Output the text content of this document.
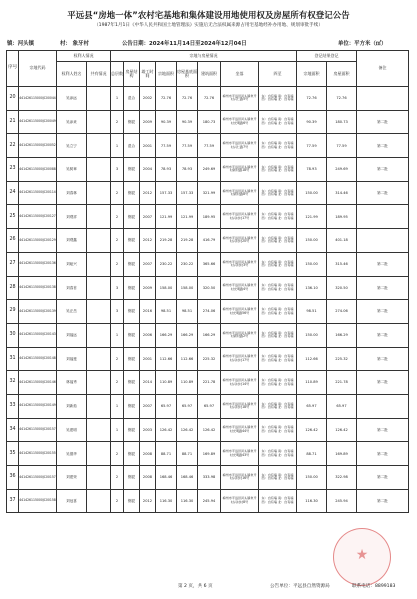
平远县“房地一体”农村宅基地和集体建设用地使用权及房屋所有权登记公告
（1987年1月1日《中华人民共和国土地管理法》实施后无合法权属来源占用宅基地经补办用地、规划审批手续）
镇：河头镇	村： 象牙村	公告日期：2024年11月14日至2024年12月04日	单位：平方米（㎡）
序号	宗地代码	权利人情况		宗地与房屋情况								登记结果登记		备注
		权利人姓名	共有情况	总层数	房屋结构	竣工时间	宗地面积	房屋基底面积	建筑面积	坐落	四至	宗地面积	房屋面积	
20	441426115000JC00044	吴添远		1	混合	2002	72.76	72.76	72.76	梅州市平远县河头镇象牙村兴仁路5号	东：自有墙 南：自有墙 西：自有墙 北：自有墙	72.76	72.76	
21	441426115000JC00049	吴添来		2	钢混	2009	90.39	90.39	180.73	梅州市平远县河头镇象牙村光明路6号	东：自有墙 南：自有墙 西：自有墙 北：自有墙	90.39	180.73	第二批
22	441426115000JC00052	吴立宁		1	混合	2001	77.59	77.59	77.59	梅州市平远县河头镇象牙村兴仁路7号	东：自有墙 南：自有墙 西：自有墙 北：自有墙	77.59	77.59	第二批
23	441426115000JC00088	吴树章		3	钢混	2004	78.93	78.93	249.69	梅州市平远县河头镇象牙村新村路18号	东：自有墙 南：自有墙 西：自有墙 北：自有墙	78.93	249.69	第二批
24	441426115000JC00114	刘春林		2	钢混	2012	157.33	157.33	321.99	梅州市平远县河头镇象牙村新村路8号	东：自有墙 南：自有墙 西：自有墙 北：自有墙	150.00	314.46	第二批
25	441426115000JC00127	刘观祥		2	钢混	2007	121.99	121.99	189.95	梅州市平远县河头镇象牙村兴村村17号	东：自有墙 南：自有墙 西：自有墙 北：自有墙	121.99	189.95	
26	441426115000JC00129	刘观鑫		2	钢混	2012	219.28	219.28	416.79	梅州市平远县河头镇象牙村兴村村20号	东：自有墙 南：自有墙 西：自有墙 北：自有墙	150.00	401.18	
27	441426115000JC00136	刘耻兴		2	钢混	2007	230.22	230.22	365.66	梅州市平远县河头镇象牙村兴村村3号	东：自有墙 南：自有墙 西：自有墙 北：自有墙	150.00	315.46	第二批
28	441426115000JC00138	刘春首		3	钢混	2009	158.00	158.00	320.50	梅州市平远县河头镇象牙村光明路4号	东：自有墙 南：自有墙 西：自有墙 北：自有墙	136.10	320.50	第二批
29	441426115000JC00139	吴正岳		3	钢混	2016	98.51	98.51	274.06	梅州市平远县河头镇象牙村光明路56号	东：自有墙 南：自有墙 西：自有墙 北：自有墙	98.51	274.06	第二批
30	441426115000JC00143	刘福远		1	钢混	2006	166.29	166.29	166.29	梅州市平远县河头镇象牙村新村路2号	东：自有墙 南：自有墙 西：自有墙 北：自有墙	150.00	166.29	第二批
31	441426115000JC00148	刘福莲		2	钢混	2001	112.66	112.66	225.32	梅州市平远县河头镇象牙村兴村村17号	东：自有墙 南：自有墙 西：自有墙 北：自有墙	112.66	225.32	第二批
32	441426115000JC00146	林福秀		2	钢混	2014	110.89	110.89	221.78	梅州市平远县河头镇象牙村兴村村14号	东：自有墙 南：自有墙 西：自有墙 北：自有墙	110.89	221.78	第二批
33	441426115000JC00149	刘新茹		1	钢混	2007	65.97	65.97	65.97	梅州市平远县河头镇象牙村兴村村18号	东：自有墙 南：自有墙 西：自有墙 北：自有墙	65.97	65.97	
34	441426115000JC00157	吴建明		1	钢混	2003	126.42	126.42	126.42	梅州市平远县河头镇象牙村光明路44号	东：自有墙 南：自有墙 西：自有墙 北：自有墙	126.42	126.42	第二批
35	441426115000JC00155	吴德华		2	钢混	2008	88.71	88.71	169.89	梅州市平远县河头镇象牙村光明路43号	东：自有墙 南：自有墙 西：自有墙 北：自有墙	88.71	169.89	第二批
36	441426115000JC00157	刘建荣		2	钢混	2008	168.46	168.46	333.98	梅州市平远县河头镇象牙村兴村村16号	东：自有墙 南：自有墙 西：自有墙 北：自有墙	150.00	322.98	第二批
37	441426115000JC00158	刘冠喜		2	钢混	2012	116.30	116.30	245.94	梅州市平远县河头镇象牙村兴村村8号	东：自有墙 南：自有墙 西：自有墙 北：自有墙	116.30	245.94	第二批
★
第 2 页，共 6 页	公告单位：平远县自然资源局	联系电话：8899183
